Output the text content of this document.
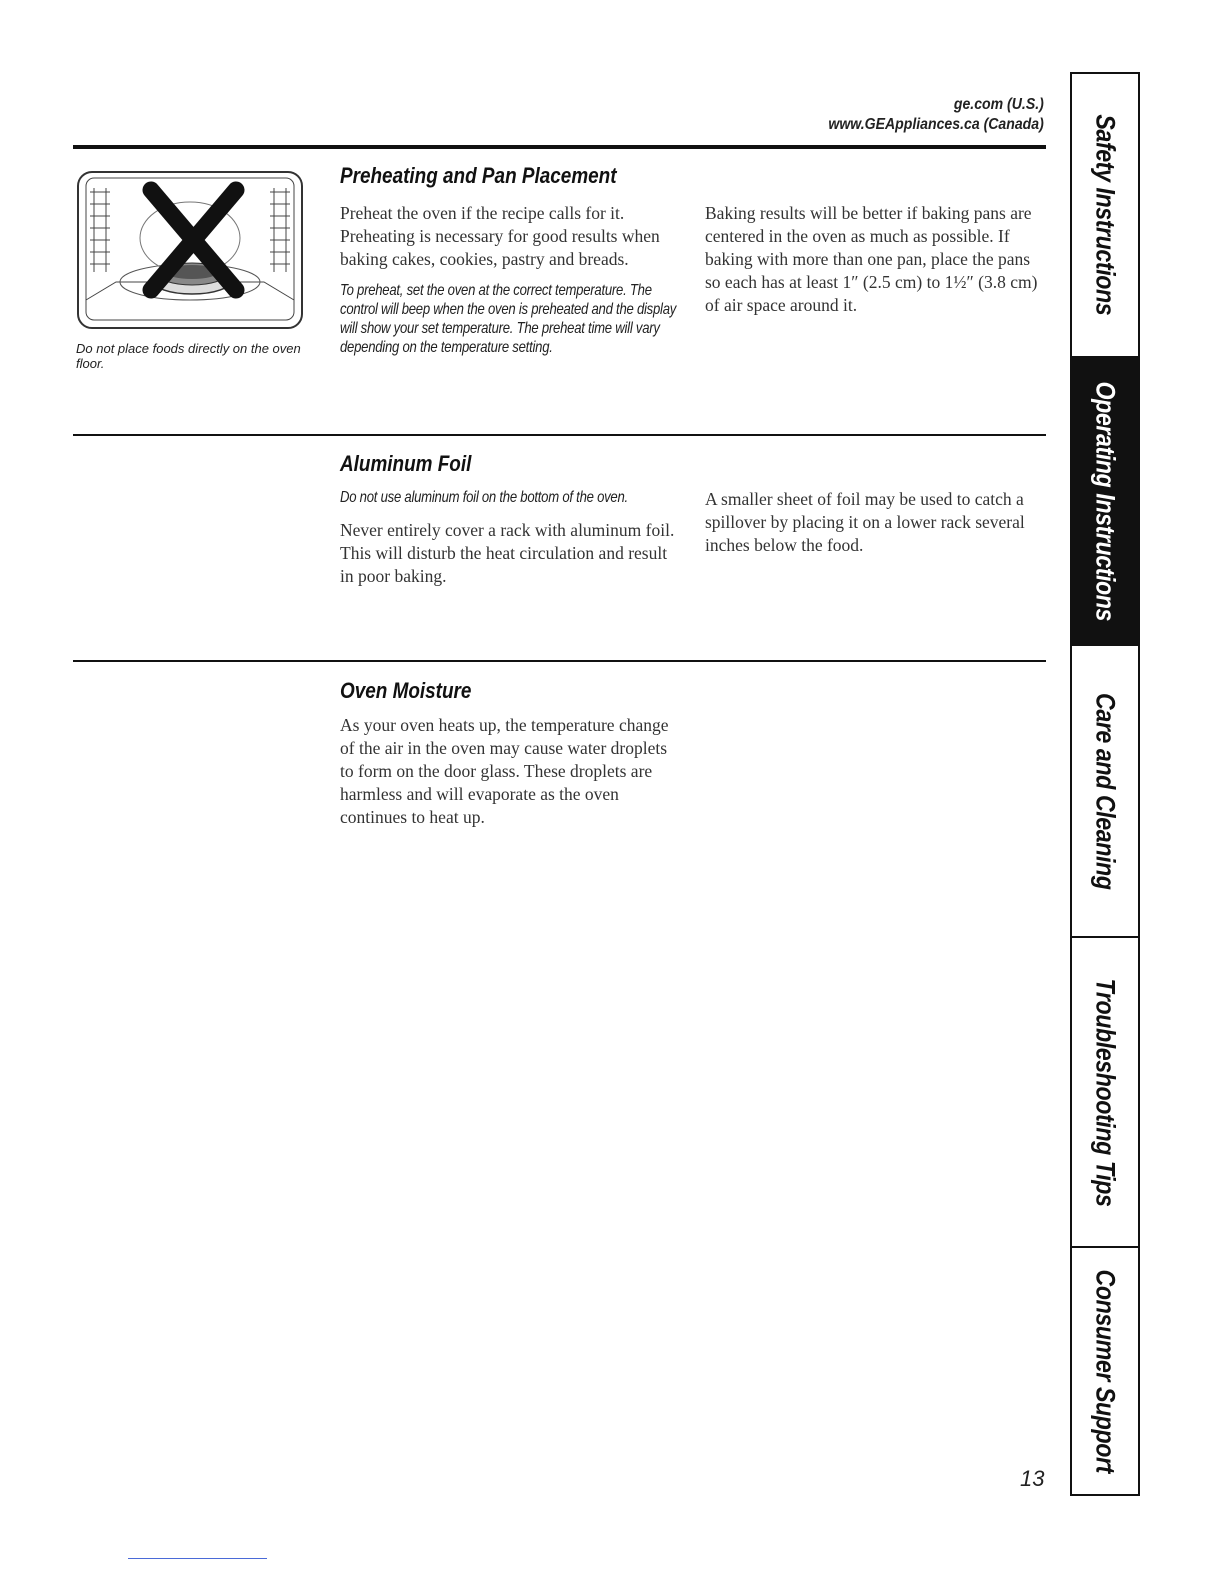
ge.com (U.S.)
www.GEAppliances.ca (Canada)
Do not place foods directly on the oven floor.
Preheating and Pan Placement

Preheat the oven if the recipe calls for it. Preheating is necessary for good results when baking cakes, cookies, pastry and breads.

To preheat, set the oven at the correct temperature. The control will beep when the oven is preheated and the display will show your set temperature. The preheat time will vary depending on the temperature setting.

Baking results will be better if baking pans are centered in the oven as much as possible. If baking with more than one pan, place the pans so each has at least 1″ (2.5 cm) to 1½″ (3.8 cm) of air space around it.

Aluminum Foil

Do not use aluminum foil on the bottom of the oven.

Never entirely cover a rack with aluminum foil. This will disturb the heat circulation and result in poor baking.

A smaller sheet of foil may be used to catch a spillover by placing it on a lower rack several inches below the food.

Oven Moisture

As your oven heats up, the temperature change of the air in the oven may cause water droplets to form on the door glass. These droplets are harmless and will evaporate as the oven continues to heat up.

Safety Instructions
Operating Instructions
Care and Cleaning
Troubleshooting Tips
Consumer Support
13
